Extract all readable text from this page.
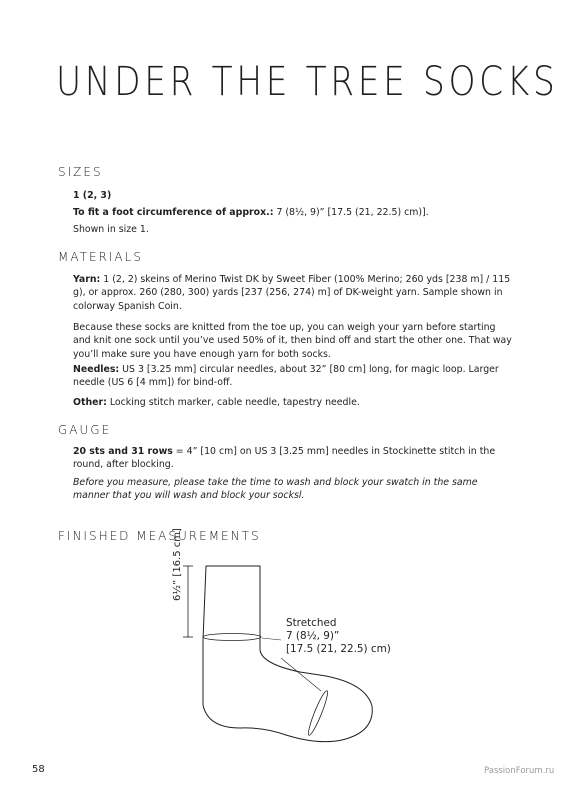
UNDER THE TREE SOCKS
SIZES

1 (2, 3)

To fit a foot circumference of approx.: 7 (8½, 9)” [17.5 (21, 22.5) cm)].

Shown in size 1.

MATERIALS

Yarn: 1 (2, 2) skeins of Merino Twist DK by Sweet Fiber (100% Merino; 260 yds [238 m] / 115 g), or approx. 260 (280, 300) yards [237 (256, 274) m] of DK-weight yarn. Sample shown in colorway Spanish Coin.

Because these socks are knitted from the toe up, you can weigh your yarn before starting and knit one sock until you’ve used 50% of it, then bind off and start the other one. That way you’ll make sure you have enough yarn for both socks.

Needles: US 3 [3.25 mm] circular needles, about 32” [80 cm] long, for magic loop. Larger needle (US 6 [4 mm]) for bind-off.

Other: Locking stitch marker, cable needle, tapestry needle.

GAUGE

20 sts and 31 rows = 4” [10 cm] on US 3 [3.25 mm] needles in Stockinette stitch in the round, after blocking.

Before you measure, please take the time to wash and block your swatch in the same manner that you will wash and block your socksl.

FINISHED MEASUREMENTS
6½” [16.5 cm]
Stretched
7 (8½, 9)”
[17.5 (21, 22.5) cm)
58	PassionForum.ru
